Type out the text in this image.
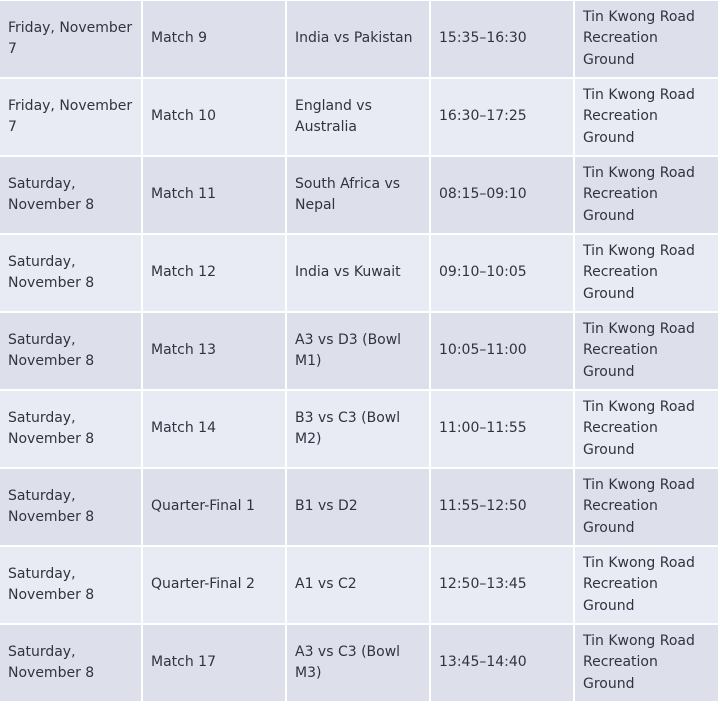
Friday, November 7	Match 9	India vs Pakistan	15:35–16:30	Tin Kwong Road Recreation Ground
Friday, November 7	Match 10	England vs Australia	16:30–17:25	Tin Kwong Road Recreation Ground
Saturday, November 8	Match 11	South Africa vs Nepal	08:15–09:10	Tin Kwong Road Recreation Ground
Saturday, November 8	Match 12	India vs Kuwait	09:10–10:05	Tin Kwong Road Recreation Ground
Saturday, November 8	Match 13	A3 vs D3 (Bowl M1)	10:05–11:00	Tin Kwong Road Recreation Ground
Saturday, November 8	Match 14	B3 vs C3 (Bowl M2)	11:00–11:55	Tin Kwong Road Recreation Ground
Saturday, November 8	Quarter-Final 1	B1 vs D2	11:55–12:50	Tin Kwong Road Recreation Ground
Saturday, November 8	Quarter-Final 2	A1 vs C2	12:50–13:45	Tin Kwong Road Recreation Ground
Saturday, November 8	Match 17	A3 vs C3 (Bowl M3)	13:45–14:40	Tin Kwong Road Recreation Ground
